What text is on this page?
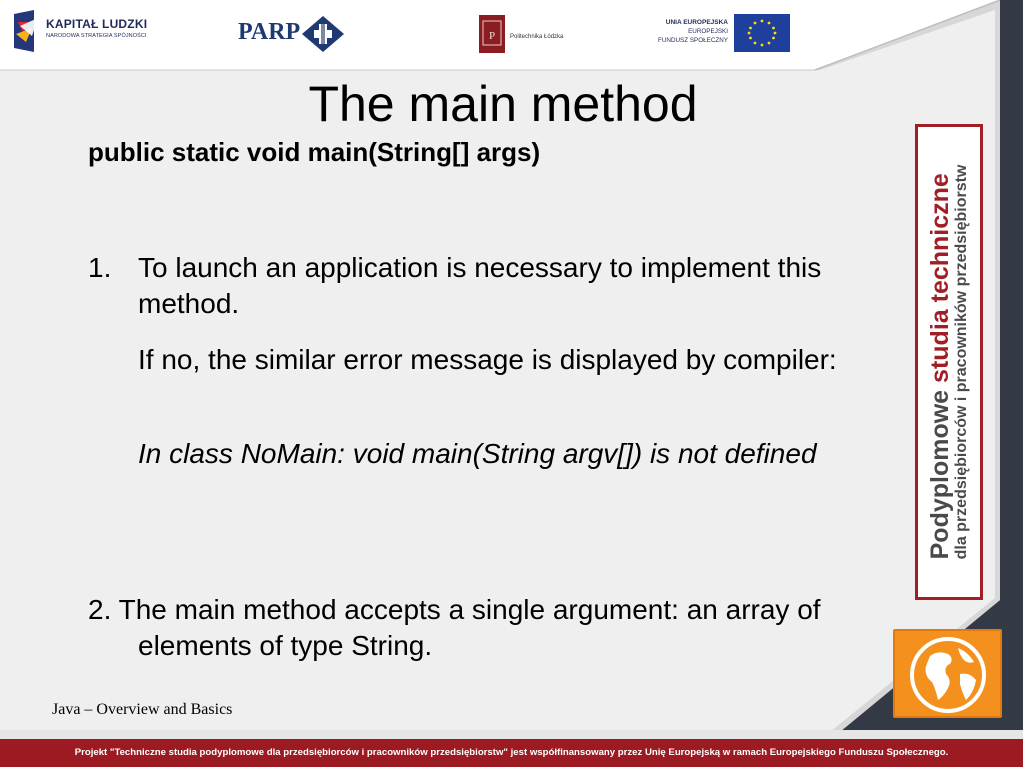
KAPITAŁ LUDZKI
NARODOWA STRATEGIA SPÓJNOŚCI	PARP	P Politechnika Łódzka
UNIA EUROPEJSKA
EUROPEJSKI
FUNDUSZ SPOŁECZNY
Podyplomowe studia techniczne dla przedsiębiorców i pracowników przedsiębiorstw
The main method
public static void main(String[] args)
1. To launch an application is necessary to implement this method.
If no, the similar error message is displayed by compiler:
In class NoMain: void main(String argv[]) is not defined
2. The main method accepts a single argument: an array of elements of type String.
Java – Overview and Basics
Projekt "Techniczne studia podyplomowe dla przedsiębiorców i pracowników przedsiębiorstw" jest współfinansowany przez Unię Europejską w ramach Europejskiego Funduszu Społecznego.
